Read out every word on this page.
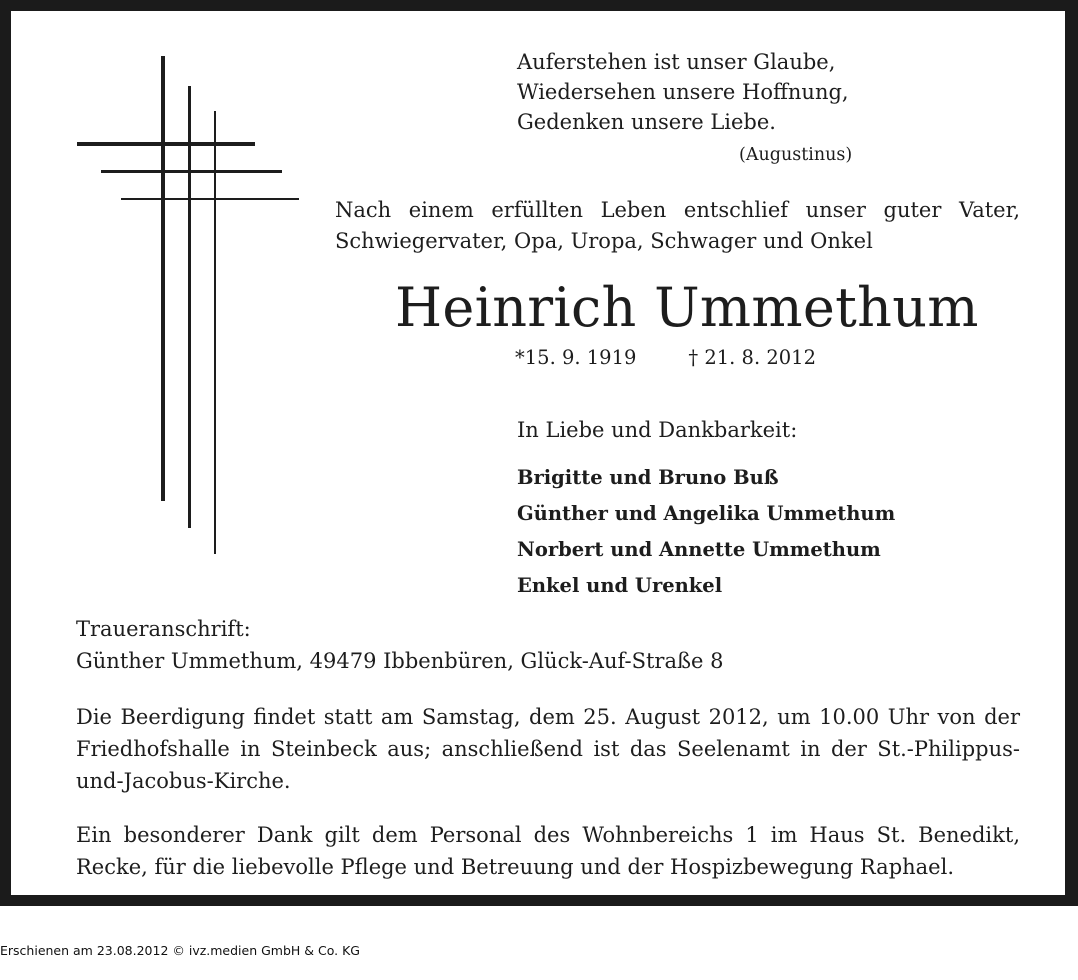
Auferstehen ist unser Glaube,
Wiedersehen unsere Hoffnung,
Gedenken unsere Liebe.
(Augustinus)

Nach einem erfüllten Leben entschlief unser guter Vater, Schwiegervater, Opa, Uropa, Schwager und Onkel

Heinrich Ummethum
*15. 9. 1919	† 21. 8. 2012
In Liebe und Dankbarkeit:
Brigitte und Bruno Buß
Günther und Angelika Ummethum
Norbert und Annette Ummethum
Enkel und Urenkel
Traueranschrift:
Günther Ummethum, 49479 Ibbenbüren, Glück-Auf-Straße 8

Die Beerdigung findet statt am Samstag, dem 25. August 2012, um 10.00 Uhr von der Friedhofshalle in Steinbeck aus; anschließend ist das Seelenamt in der St.-Philippus-und-Jacobus-Kirche.

Ein besonderer Dank gilt dem Personal des Wohnbereichs 1 im Haus St. Benedikt, Recke, für die liebevolle Pflege und Betreuung und der Hospizbewegung Raphael.

Erschienen am 23.08.2012 © ivz.medien GmbH & Co. KG
